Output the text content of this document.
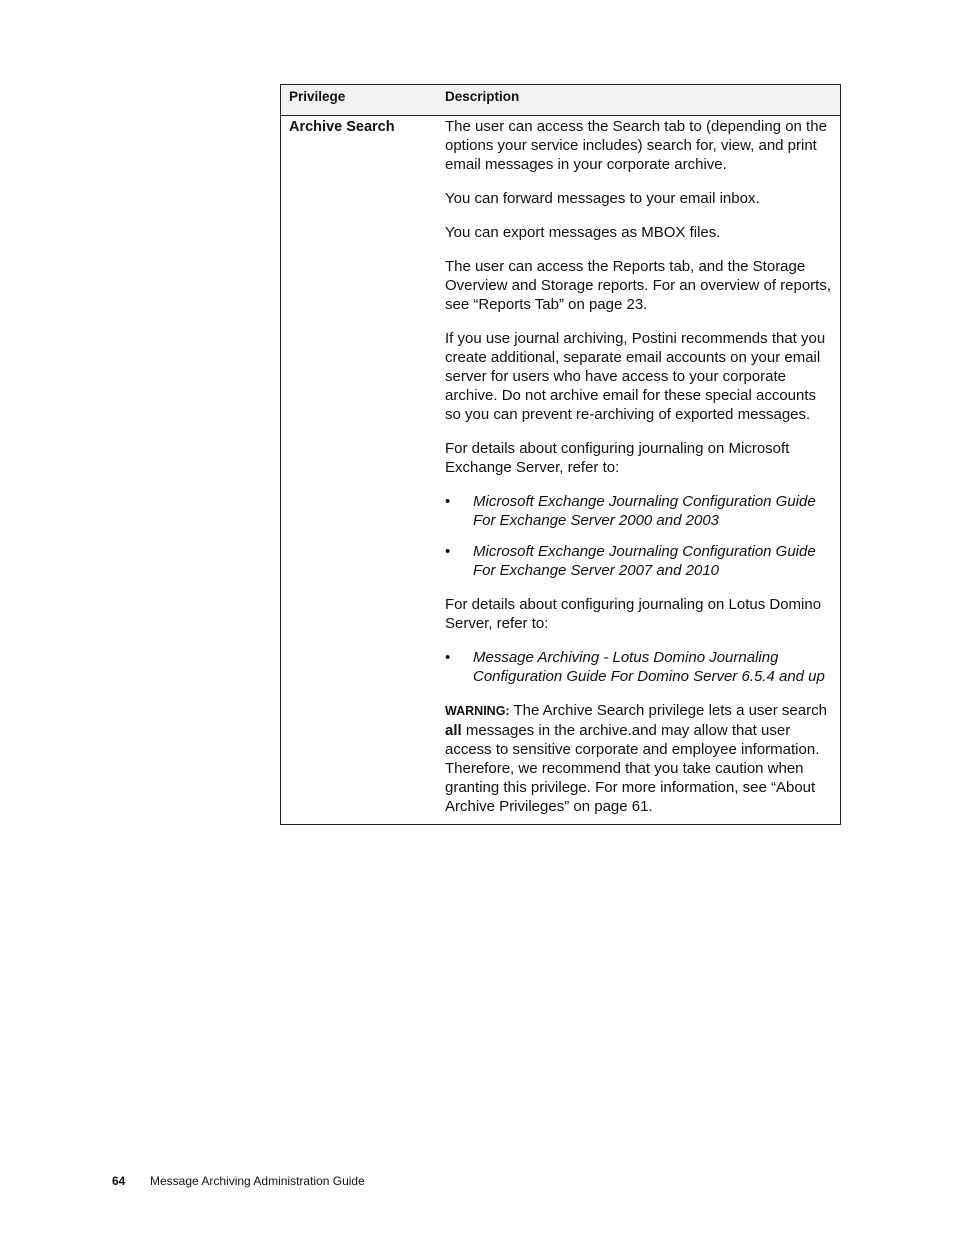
Privilege	Description
Archive Search	The user can access the Search tab to (depending on the options your service includes) search for, view, and print email messages in your corporate archive.

You can forward messages to your email inbox.

You can export messages as MBOX files.

The user can access the Reports tab, and the Storage Overview and Storage reports. For an overview of reports, see “Reports Tab” on page 23.

If you use journal archiving, Postini recommends that you create additional, separate email accounts on your email server for users who have access to your corporate archive. Do not archive email for these special accounts so you can prevent re-archiving of exported messages.

For details about configuring journaling on Microsoft Exchange Server, refer to:

• Microsoft Exchange Journaling Configuration Guide For Exchange Server 2000 and 2003
• Microsoft Exchange Journaling Configuration Guide For Exchange Server 2007 and 2010

For details about configuring journaling on Lotus Domino Server, refer to:

• Message Archiving - Lotus Domino Journaling Configuration Guide For Domino Server 6.5.4 and up

WARNING: The Archive Search privilege lets a user search all messages in the archive.and may allow that user access to sensitive corporate and employee information. Therefore, we recommend that you take caution when granting this privilege. For more information, see “About Archive Privileges” on page 61.

64	Message Archiving Administration Guide
